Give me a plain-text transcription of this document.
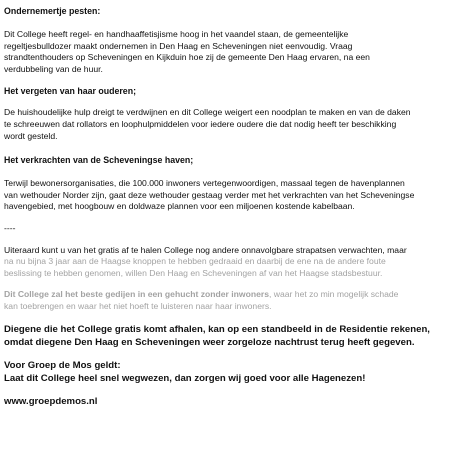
Ondernemertje pesten:

Dit College heeft regel- en handhaaffetisjisme hoog in het vaandel staan, de gemeentelijke

regeltjesbulldozer maakt ondernemen in Den Haag en Scheveningen niet eenvoudig. Vraag

strandtenthouders op Scheveningen en Kijkduin hoe zij de gemeente Den Haag ervaren, na een

verdubbeling van de huur.

Het vergeten van haar ouderen;

De huishoudelijke hulp dreigt te verdwijnen en dit College weigert een noodplan te maken en van de daken

te schreeuwen dat rollators en loophulpmiddelen voor iedere oudere die dat nodig heeft ter beschikking

wordt gesteld.

Het verkrachten van de Scheveningse haven;

Terwijl bewonersorganisaties, die 100.000 inwoners vertegenwoordigen, massaal tegen de havenplannen

van wethouder Norder zijn, gaat deze wethouder gestaag verder met het verkrachten van het Scheveningse

havengebied, met hoogbouw en doldwaze plannen voor een miljoenen kostende kabelbaan.

----

Uiteraard kunt u van het gratis af te halen College nog andere onnavolgbare strapatsen verwachten, maar

na nu bijna 3 jaar aan de Haagse knoppen te hebben gedraaid en daarbij de ene na de andere foute

beslissing te hebben genomen, willen Den Haag en Scheveningen af van het Haagse stadsbestuur.

Dit College zal het beste gedijen in een gehucht zonder inwoners, waar het zo min mogelijk schade

kan toebrengen en waar het niet hoeft te luisteren naar haar inwoners.

Diegene die het College gratis komt afhalen, kan op een standbeeld in de Residentie rekenen,

omdat diegene Den Haag en Scheveningen weer zorgeloze nachtrust terug heeft gegeven.

Voor Groep de Mos geldt:

Laat dit College heel snel wegwezen, dan zorgen wij goed voor alle Hagenezen!

www.groepdemos.nl
